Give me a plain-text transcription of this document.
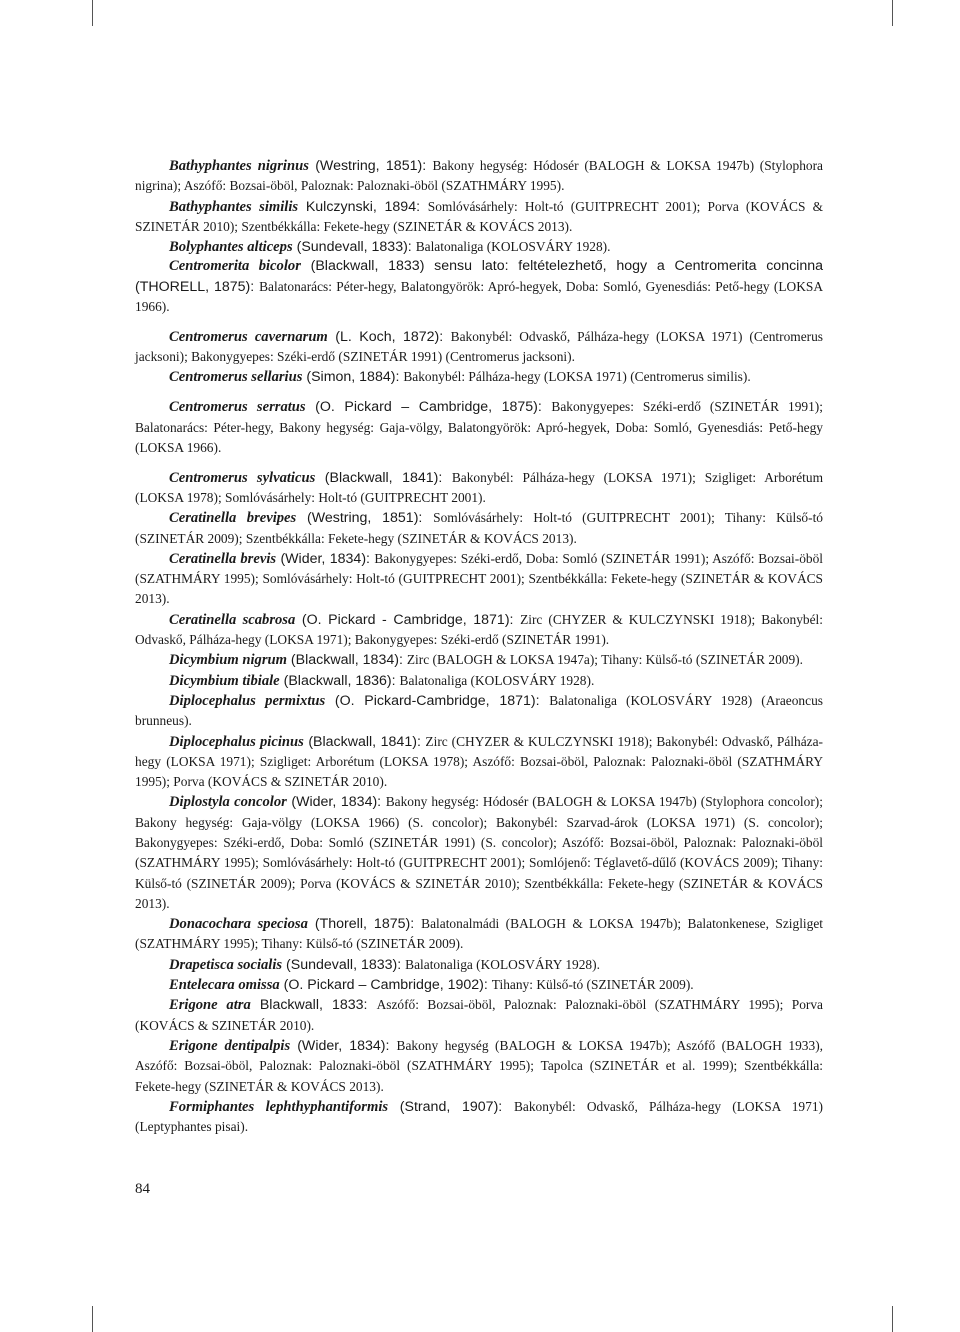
Bathyphantes nigrinus (Westring, 1851): Bakony hegység: Hódosér (BALOGH & LOKSA 1947b) (Stylophora nigrina); Aszófő: Bozsai-öböl, Paloznak: Paloznaki-öböl (SZATHMÁRY 1995).

Bathyphantes similis Kulczynski, 1894: Somlóvásárhely: Holt-tó (GUITPRECHT 2001); Porva (KOVÁCS & SZINETÁR 2010); Szentbékkálla: Fekete-hegy (SZINETÁR & KOVÁCS 2013).

Bolyphantes alticeps (Sundevall, 1833): Balatonaliga (KOLOSVÁRY 1928).

Centromerita bicolor (Blackwall, 1833) sensu lato: feltételezhető, hogy a Centromerita concinna (THORELL, 1875): Balatonarács: Péter-hegy, Balatongyörök: Apró-hegyek, Doba: Somló, Gyenesdiás: Pető-hegy (LOKSA 1966).

Centromerus cavernarum (L. Koch, 1872): Bakonybél: Odvaskő, Pálháza-hegy (LOKSA 1971) (Centromerus jacksoni); Bakonygyepes: Széki-erdő (SZINETÁR 1991) (Centromerus jacksoni).

Centromerus sellarius (Simon, 1884): Bakonybél: Pálháza-hegy (LOKSA 1971) (Centromerus similis).

Centromerus serratus (O. Pickard – Cambridge, 1875): Bakonygyepes: Széki-erdő (SZINETÁR 1991); Balatonarács: Péter-hegy, Bakony hegység: Gaja-völgy, Balatongyörök: Apró-hegyek, Doba: Somló, Gyenesdiás: Pető-hegy (LOKSA 1966).

Centromerus sylvaticus (Blackwall, 1841): Bakonybél: Pálháza-hegy (LOKSA 1971); Szigliget: Arborétum (LOKSA 1978); Somlóvásárhely: Holt-tó (GUITPRECHT 2001).

Ceratinella brevipes (Westring, 1851): Somlóvásárhely: Holt-tó (GUITPRECHT 2001); Tihany: Külső-tó (SZINETÁR 2009); Szentbékkálla: Fekete-hegy (SZINETÁR & KOVÁCS 2013).

Ceratinella brevis (Wider, 1834): Bakonygyepes: Széki-erdő, Doba: Somló (SZINETÁR 1991); Aszófő: Bozsai-öböl (SZATHMÁRY 1995); Somlóvásárhely: Holt-tó (GUITPRECHT 2001); Szentbékkálla: Fekete-hegy (SZINETÁR & KOVÁCS 2013).

Ceratinella scabrosa (O. Pickard - Cambridge, 1871): Zirc (CHYZER & KULCZYNSKI 1918); Bakonybél: Odvaskő, Pálháza-hegy (LOKSA 1971); Bakonygyepes: Széki-erdő (SZINETÁR 1991).

Dicymbium nigrum (Blackwall, 1834): Zirc (BALOGH & LOKSA 1947a); Tihany: Külső-tó (SZINETÁR 2009).

Dicymbium tibiale (Blackwall, 1836): Balatonaliga (KOLOSVÁRY 1928).

Diplocephalus permixtus (O. Pickard-Cambridge, 1871): Balatonaliga (KOLOSVÁRY 1928) (Araeoncus brunneus).

Diplocephalus picinus (Blackwall, 1841): Zirc (CHYZER & KULCZYNSKI 1918); Bakonybél: Odvaskő, Pálháza-hegy (LOKSA 1971); Szigliget: Arborétum (LOKSA 1978); Aszófő: Bozsai-öböl, Paloznak: Paloznaki-öböl (SZATHMÁRY 1995); Porva (KOVÁCS & SZINETÁR 2010).

Diplostyla concolor (Wider, 1834): Bakony hegység: Hódosér (BALOGH & LOKSA 1947b) (Stylophora concolor); Bakony hegység: Gaja-völgy (LOKSA 1966) (S. concolor); Bakonybél: Szarvad-árok (LOKSA 1971) (S. concolor); Bakonygyepes: Széki-erdő, Doba: Somló (SZINETÁR 1991) (S. concolor); Aszófő: Bozsai-öböl, Paloznak: Paloznaki-öböl (SZATHMÁRY 1995); Somlóvásárhely: Holt-tó (GUITPRECHT 2001); Somlójenő: Téglavető-dűlő (KOVÁCS 2009); Tihany: Külső-tó (SZINETÁR 2009); Porva (KOVÁCS & SZINETÁR 2010); Szentbékkálla: Fekete-hegy (SZINETÁR & KOVÁCS 2013).

Donacochara speciosa (Thorell, 1875): Balatonalmádi (BALOGH & LOKSA 1947b); Balatonkenese, Szigliget (SZATHMÁRY 1995); Tihany: Külső-tó (SZINETÁR 2009).

Drapetisca socialis (Sundevall, 1833): Balatonaliga (KOLOSVÁRY 1928).

Entelecara omissa (O. Pickard – Cambridge, 1902): Tihany: Külső-tó (SZINETÁR 2009).

Erigone atra Blackwall, 1833: Aszófő: Bozsai-öböl, Paloznak: Paloznaki-öböl (SZATHMÁRY 1995); Porva (KOVÁCS & SZINETÁR 2010).

Erigone dentipalpis (Wider, 1834): Bakony hegység (BALOGH & LOKSA 1947b); Aszófő (BALOGH 1933), Aszófő: Bozsai-öböl, Paloznak: Paloznaki-öböl (SZATHMÁRY 1995); Tapolca (SZINETÁR et al. 1999); Szentbékkálla: Fekete-hegy (SZINETÁR & KOVÁCS 2013).

Formiphantes lephthyphantiformis (Strand, 1907): Bakonybél: Odvaskő, Pálháza-hegy (LOKSA 1971) (Leptyphantes pisai).

84
